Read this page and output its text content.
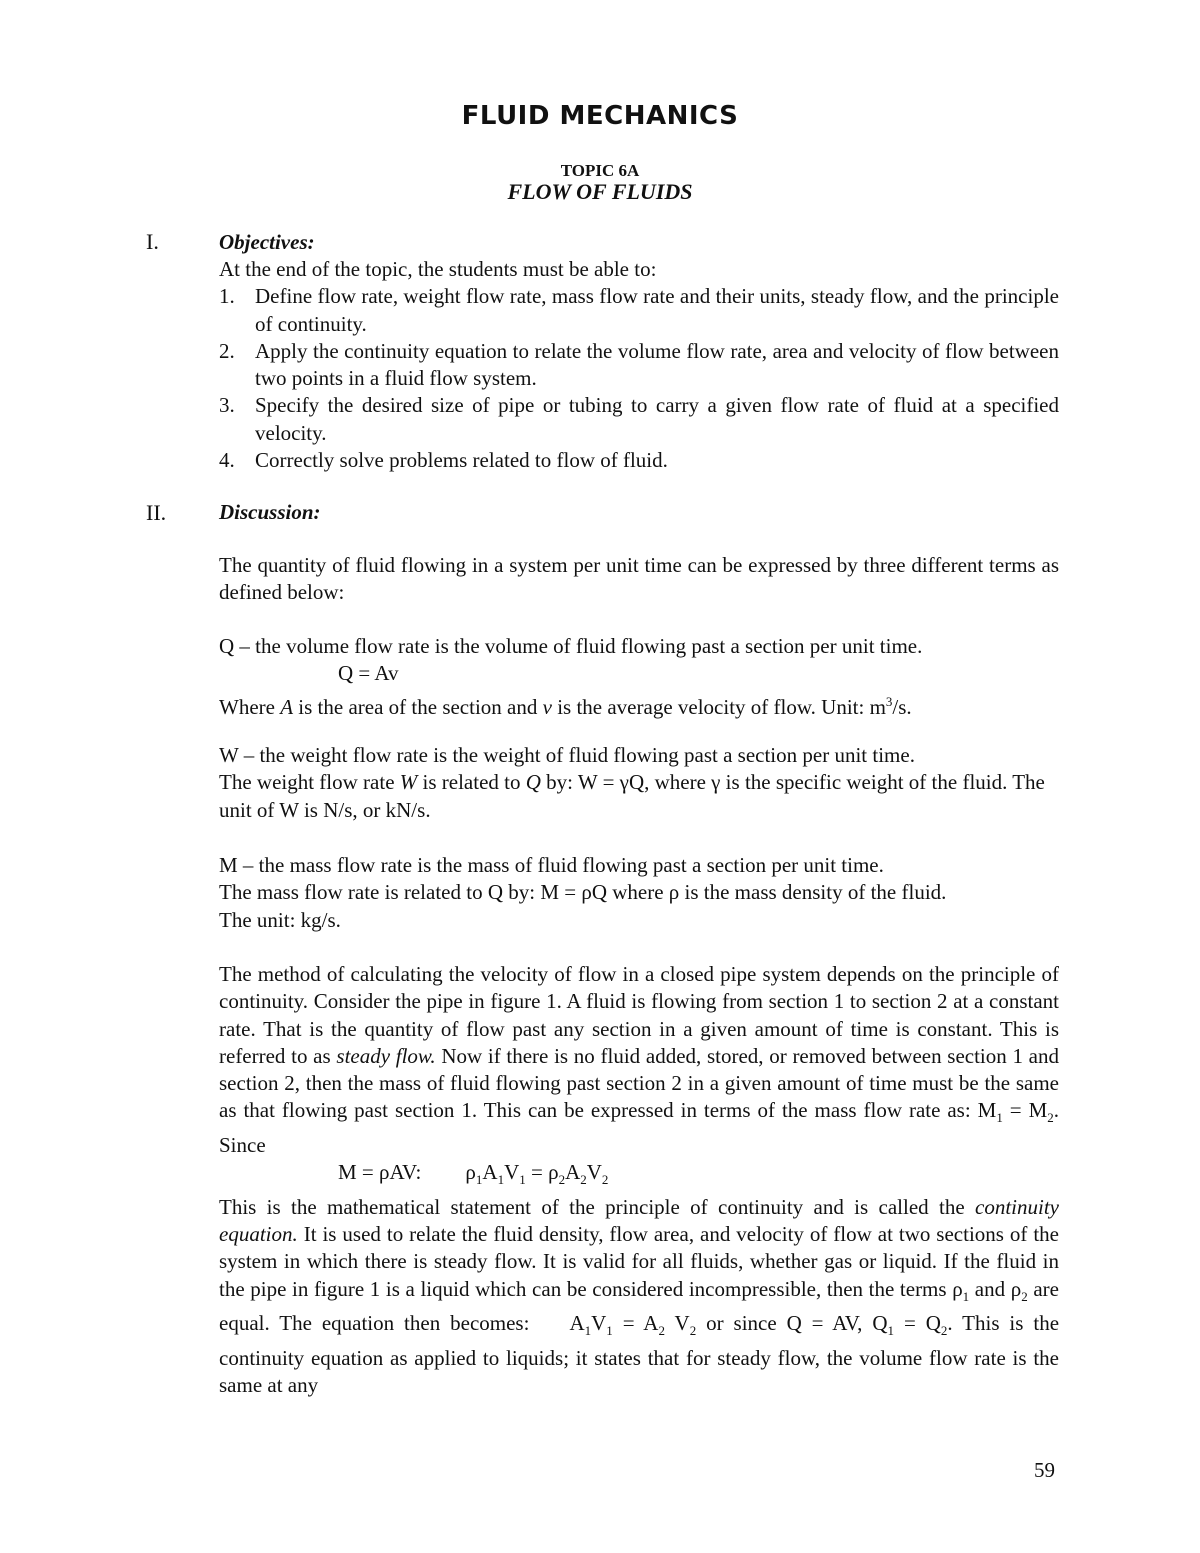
FLUID MECHANICS
TOPIC 6A
FLOW OF FLUIDS
I.	Objectives:

At the end of the topic, the students must be able to:

1. Define flow rate, weight flow rate, mass flow rate and their units, steady flow, and the principle of continuity.
2. Apply the continuity equation to relate the volume flow rate, area and velocity of flow between two points in a fluid flow system.
3. Specify the desired size of pipe or tubing to carry a given flow rate of fluid at a specified velocity.
4. Correctly solve problems related to flow of fluid.
II.	Discussion:

The quantity of fluid flowing in a system per unit time can be expressed by three different terms as defined below:

Q – the volume flow rate is the volume of fluid flowing past a section per unit time.

Q = Av

Where A is the area of the section and v is the average velocity of flow. Unit: $m^3/s$.

W – the weight flow rate is the weight of fluid flowing past a section per unit time.

The weight flow rate W is related to Q by: W = γQ, where γ is the specific weight of the fluid. The unit of W is N/s, or kN/s.

M – the mass flow rate is the mass of fluid flowing past a section per unit time.

The mass flow rate is related to Q by: M = ρQ where ρ is the mass density of the fluid.

The unit: kg/s.

The method of calculating the velocity of flow in a closed pipe system depends on the principle of continuity. Consider the pipe in figure 1. A fluid is flowing from section 1 to section 2 at a constant rate. That is the quantity of flow past any section in a given amount of time is constant. This is referred to as steady flow. Now if there is no fluid added, stored, or removed between section 1 and section 2, then the mass of fluid flowing past section 2 in a given amount of time must be the same as that flowing past section 1. This can be expressed in terms of the mass flow rate as: $M_1 = M_2$. Since

M = ρAV: $\rho_1A_1V_1 = \rho_2A_2V_2$

This is the mathematical statement of the principle of continuity and is called the continuity equation. It is used to relate the fluid density, flow area, and velocity of flow at two sections of the system in which there is steady flow. It is valid for all fluids, whether gas or liquid. If the fluid in the pipe in figure 1 is a liquid which can be considered incompressible, then the terms $\rho_1$ and $\rho_2$ are equal. The equation then becomes: $A_1V_1 = A_2$ $V_2$ or since Q = AV, $Q_1 = Q_2$. This is the continuity equation as applied to liquids; it states that for steady flow, the volume flow rate is the same at any

59
